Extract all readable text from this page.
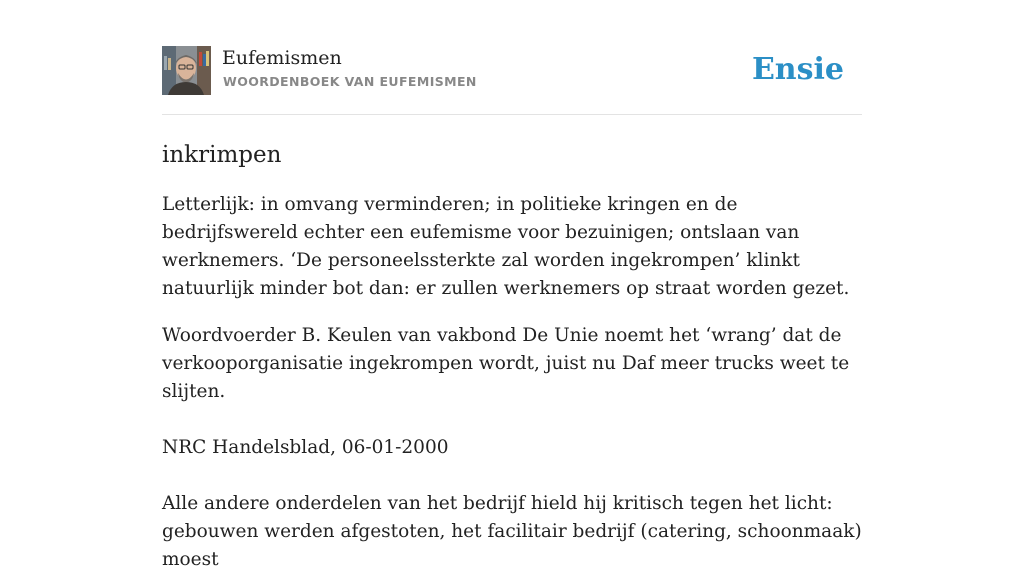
Eufemismen
WOORDENBOEK VAN EUFEMISMEN	Ensie
inkrimpen

Letterlijk: in omvang verminderen; in politieke kringen en de bedrijfswereld echter een eufemisme voor bezuinigen; ontslaan van werknemers. ‘De personeelssterkte zal worden ingekrompen’ klinkt natuurlijk minder bot dan: er zullen werknemers op straat worden gezet.

Woordvoerder B. Keulen van vakbond De Unie noemt het ‘wrang’ dat de verkooporganisatie ingekrompen wordt, juist nu Daf meer trucks weet te slijten.

NRC Handelsblad, 06-01-2000

Alle andere onderdelen van het bedrijf hield hij kritisch tegen het licht: gebouwen werden afgestoten, het facilitair bedrijf (catering, schoonmaak) moest
